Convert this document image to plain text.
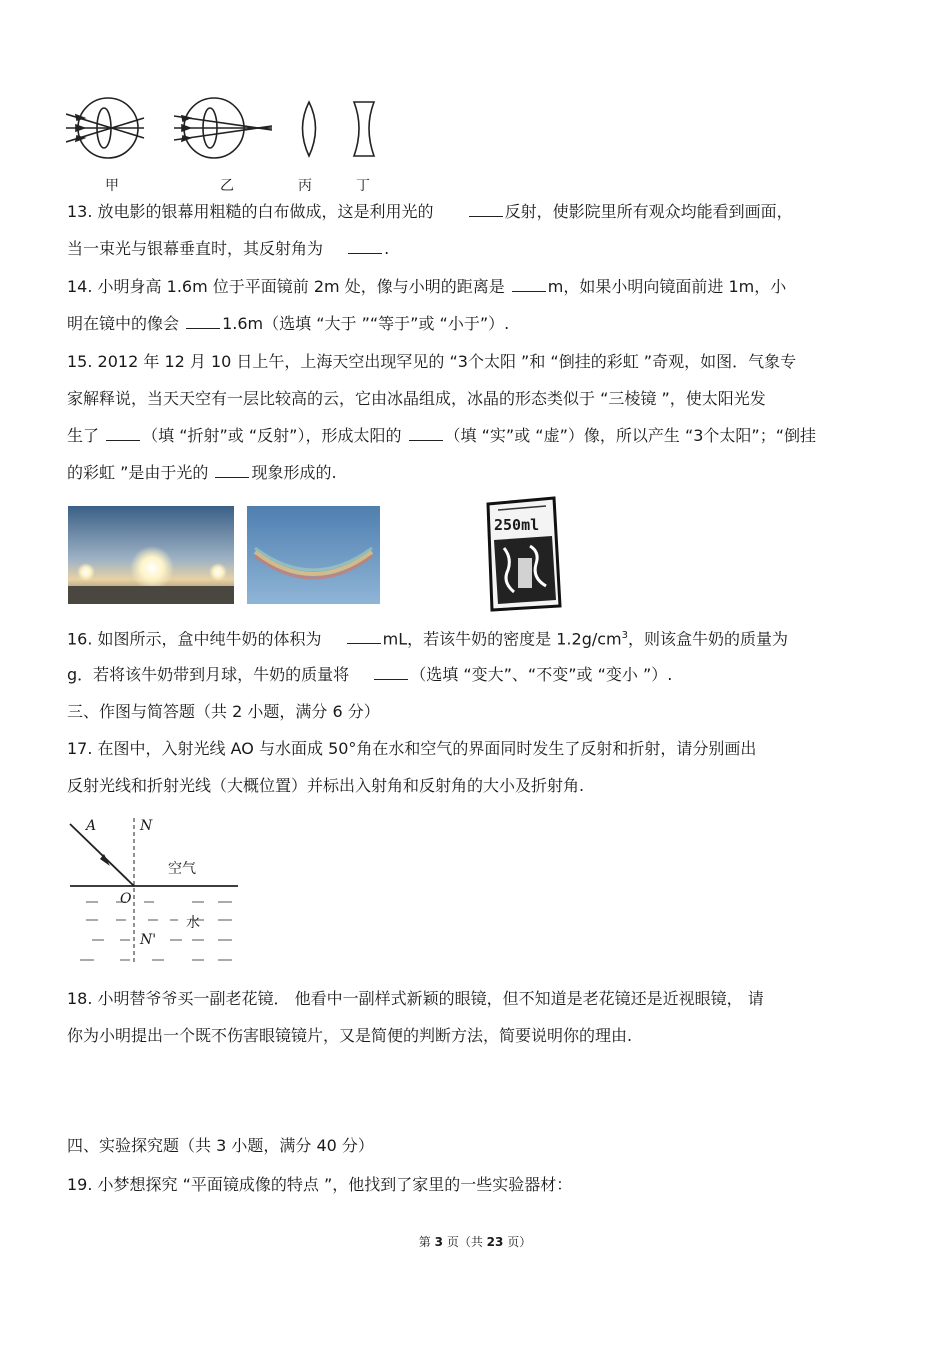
甲	乙	丙	丁
13. 放电影的银幕用粗糙的白布做成，这是利用光的	反射，使影院里所有观众均能看到画面，
当一束光与银幕垂直时，其反射角为	.
14. 小明身高 1.6m 位于平面镜前 2m 处，像与小明的距离是	m，如果小明向镜面前进 1m，小
明在镜中的像会	1.6m（选填 “大于 ”“等于”或 “小于”）.
15. 2012 年 12 月 10 日上午，上海天空出现罕见的 “3个太阳 ”和 “倒挂的彩虹 ”奇观，如图．气象专
家解释说，当天天空有一层比较高的云，它由冰晶组成，冰晶的形态类似于 “三棱镜 ”，使太阳光发
生了	（填 “折射”或 “反射”），形成太阳的	（填 “实”或 “虚”）像，所以产生 “3个太阳”；“倒挂
的彩虹 ”是由于光的	现象形成的.
250ml
16. 如图所示，盒中纯牛奶的体积为	mL，若该牛奶的密度是 $1.2g/cm^3$，则该盒牛奶的质量为
g．若将该牛奶带到月球，牛奶的质量将	（选填 “变大”、“不变”或 “变小 ”）.
三、作图与简答题（共 2 小题，满分 6 分）
17. 在图中，入射光线 AO 与水面成 50°角在水和空气的界面同时发生了反射和折射，请分别画出
反射光线和折射光线（大概位置）并标出入射角和反射角的大小及折射角.
A	N
空气
O
水
N'
18. 小明替爷爷买一副老花镜． 他看中一副样式新颖的眼镜，但不知道是老花镜还是近视眼镜， 请
你为小明提出一个既不伤害眼镜镜片，又是简便的判断方法，简要说明你的理由.
四、实验探究题（共 3 小题，满分 40 分）
19. 小梦想探究 “平面镜成像的特点 ”，他找到了家里的一些实验器材：
第 3 页（共 23 页）
